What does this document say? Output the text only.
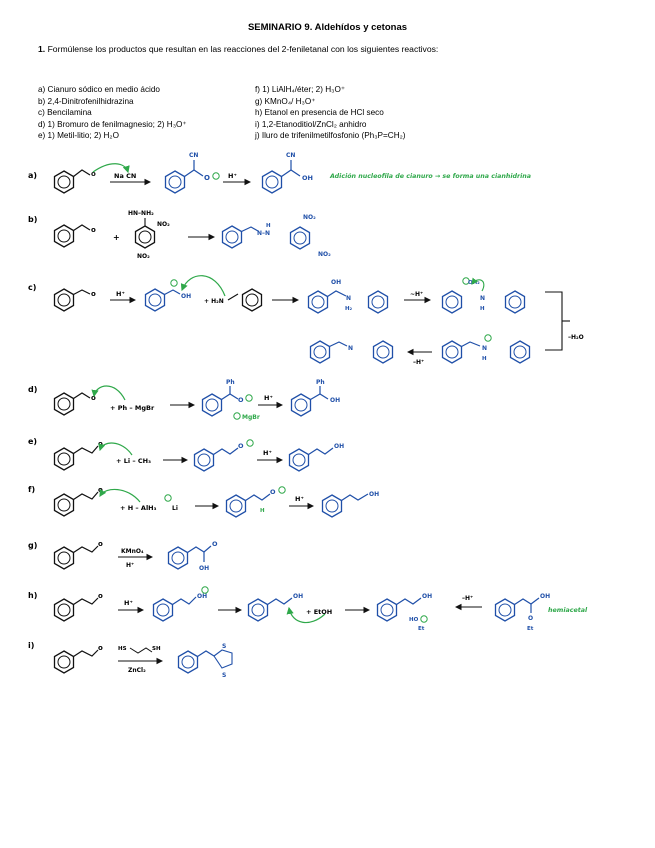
SEMINARIO 9. Aldehídos y cetonas
1. Formúlense los productos que resultan en las reacciones del 2-feniletanal con los siguientes reactivos:
a) Cianuro sódico en medio ácido
b) 2,4-Dinitrofenilhidrazina
c) Bencilamina
d) 1) Bromuro de fenilmagnesio; 2) H₃O⁺
e) 1) Metil-litio; 2) H₂O
f) 1) LiAlH₄/éter; 2) H₃O⁺
g) KMnO₄/ H₃O⁺
h) Etanol en presencia de HCl seco
i) 1,2-Etanoditiol/ZnCl₂ anhidro
j) Iluro de trifenilmetilfosfonio (Ph₃P=CH₂)
a)	o	Na CN
CN
O	H⁺
CN
OH	Adición nucleofila de cianuro → se forma una cianhidrina
b)
o
+
HN–NH₂
NO₂
NO₂
N–N
H
NO₂
NO₂
c)
o	H⁺	OH
+ H₂N
OH
N
H₂
~H⁺
OH₂
N
H
–H₂O
N
–H⁺
N
H
d)
o
+ Ph – MgBr
Ph
O
MgBr
H⁺
Ph
OH
e)	o
+ Li – CH₃
O
H⁺
OH
f)	o
+ H – AlH₃	Li
O
H
H⁺
OH
g)	o
KMnO₄
H⁺
O
OH
h)	o
H⁺
OH	OH
+ EtOH
OH
HO
Et
–H⁺	OH
O
Et
hemiacetal
i)	o	HS	SH
ZnCl₂
S
S
